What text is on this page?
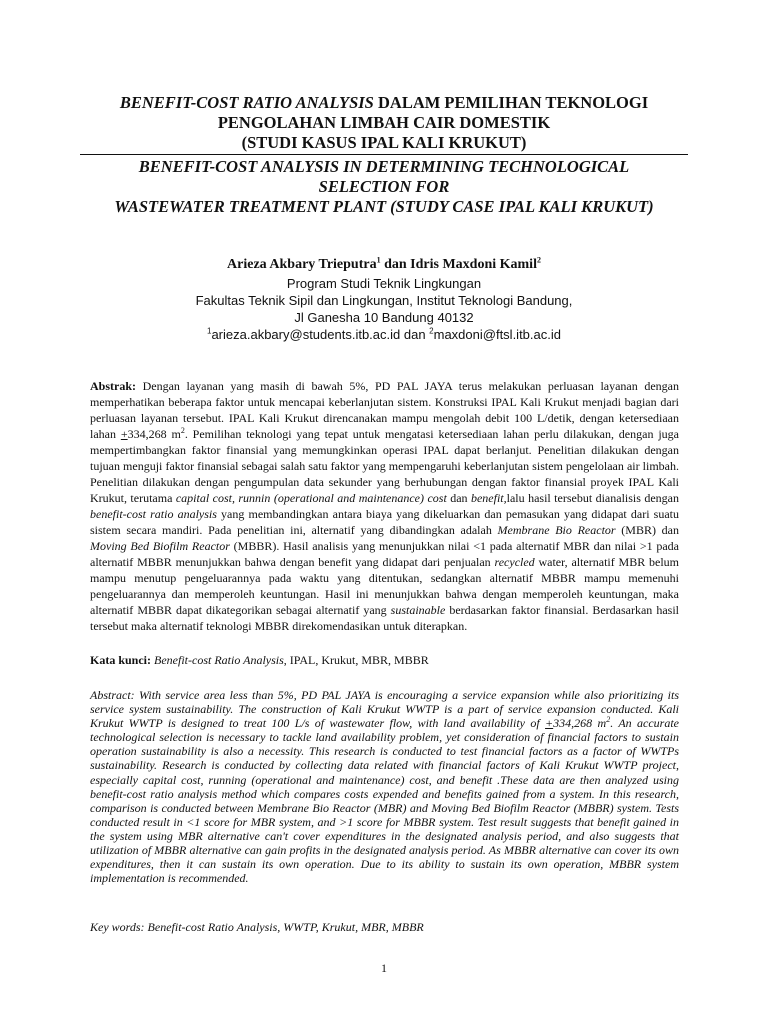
BENEFIT-COST RATIO ANALYSIS DALAM PEMILIHAN TEKNOLOGI
PENGOLAHAN LIMBAH CAIR DOMESTIK
(STUDI KASUS IPAL KALI KRUKUT)
BENEFIT-COST ANALYSIS IN DETERMINING TECHNOLOGICAL
SELECTION FOR
WASTEWATER TREATMENT PLANT (STUDY CASE IPAL KALI KRUKUT)
Arieza Akbary Trieputra$^1$ dan Idris Maxdoni Kamil$^2$
Program Studi Teknik Lingkungan
Fakultas Teknik Sipil dan Lingkungan, Institut Teknologi Bandung,
Jl Ganesha 10 Bandung 40132
$^1$arieza.akbary@students.itb.ac.id dan $^2$maxdoni@ftsl.itb.ac.id

Abstrak: Dengan layanan yang masih di bawah 5%, PD PAL JAYA terus melakukan perluasan layanan dengan memperhatikan beberapa faktor untuk mencapai keberlanjutan sistem. Konstruksi IPAL Kali Krukut menjadi bagian dari perluasan layanan tersebut. IPAL Kali Krukut direncanakan mampu mengolah debit 100 L/detik, dengan ketersediaan lahan +334,268 $m^2$. Pemilihan teknologi yang tepat untuk mengatasi ketersediaan lahan perlu dilakukan, dengan juga mempertimbangkan faktor finansial yang memungkinkan operasi IPAL dapat berlanjut. Penelitian dilakukan dengan tujuan menguji faktor finansial sebagai salah satu faktor yang mempengaruhi keberlanjutan sistem pengelolaan air limbah. Penelitian dilakukan dengan pengumpulan data sekunder yang berhubungan dengan faktor finansial proyek IPAL Kali Krukut, terutama capital cost, runnin (operational and maintenance) cost dan benefit,lalu hasil tersebut dianalisis dengan benefit-cost ratio analysis yang membandingkan antara biaya yang dikeluarkan dan pemasukan yang didapat dari suatu sistem secara mandiri. Pada penelitian ini, alternatif yang dibandingkan adalah Membrane Bio Reactor (MBR) dan Moving Bed Biofilm Reactor (MBBR). Hasil analisis yang menunjukkan nilai <1 pada alternatif MBR dan nilai >1 pada alternatif MBBR menunjukkan bahwa dengan benefit yang didapat dari penjualan recycled water, alternatif MBR belum mampu menutup pengeluarannya pada waktu yang ditentukan, sedangkan alternatif MBBR mampu memenuhi pengeluarannya dan memperoleh keuntungan. Hasil ini menunjukkan bahwa dengan memperoleh keuntungan, maka alternatif MBBR dapat dikategorikan sebagai alternatif yang sustainable berdasarkan faktor finansial. Berdasarkan hasil tersebut maka alternatif teknologi MBBR direkomendasikan untuk diterapkan.

Kata kunci: Benefit-cost Ratio Analysis, IPAL, Krukut, MBR, MBBR

Abstract: With service area less than 5%, PD PAL JAYA is encouraging a service expansion while also prioritizing its service system sustainability. The construction of Kali Krukut WWTP is a part of service expansion conducted. Kali Krukut WWTP is designed to treat 100 L/s of wastewater flow, with land availability of +334,268 $m^2$. An accurate technological selection is necessary to tackle land availability problem, yet consideration of financial factors to sustain operation sustainability is also a necessity. This research is conducted to test financial factors as a factor of WWTPs sustainability. Research is conducted by collecting data related with financial factors of Kali Krukut WWTP project, especially capital cost, running (operational and maintenance) cost, and benefit .These data are then analyzed using benefit-cost ratio analysis method which compares costs expended and benefits gained from a system. In this research, comparison is conducted between Membrane Bio Reactor (MBR) and Moving Bed Biofilm Reactor (MBBR) system. Tests conducted result in <1 score for MBR system, and >1 score for MBBR system. Test result suggests that benefit gained in the system using MBR alternative can't cover expenditures in the designated analysis period, and also suggests that utilization of MBBR alternative can gain profits in the designated analysis period. As MBBR alternative can cover its own expenditures, then it can sustain its own operation. Due to its ability to sustain its own operation, MBBR system implementation is recommended.

Key words: Benefit-cost Ratio Analysis, WWTP, Krukut, MBR, MBBR
1
